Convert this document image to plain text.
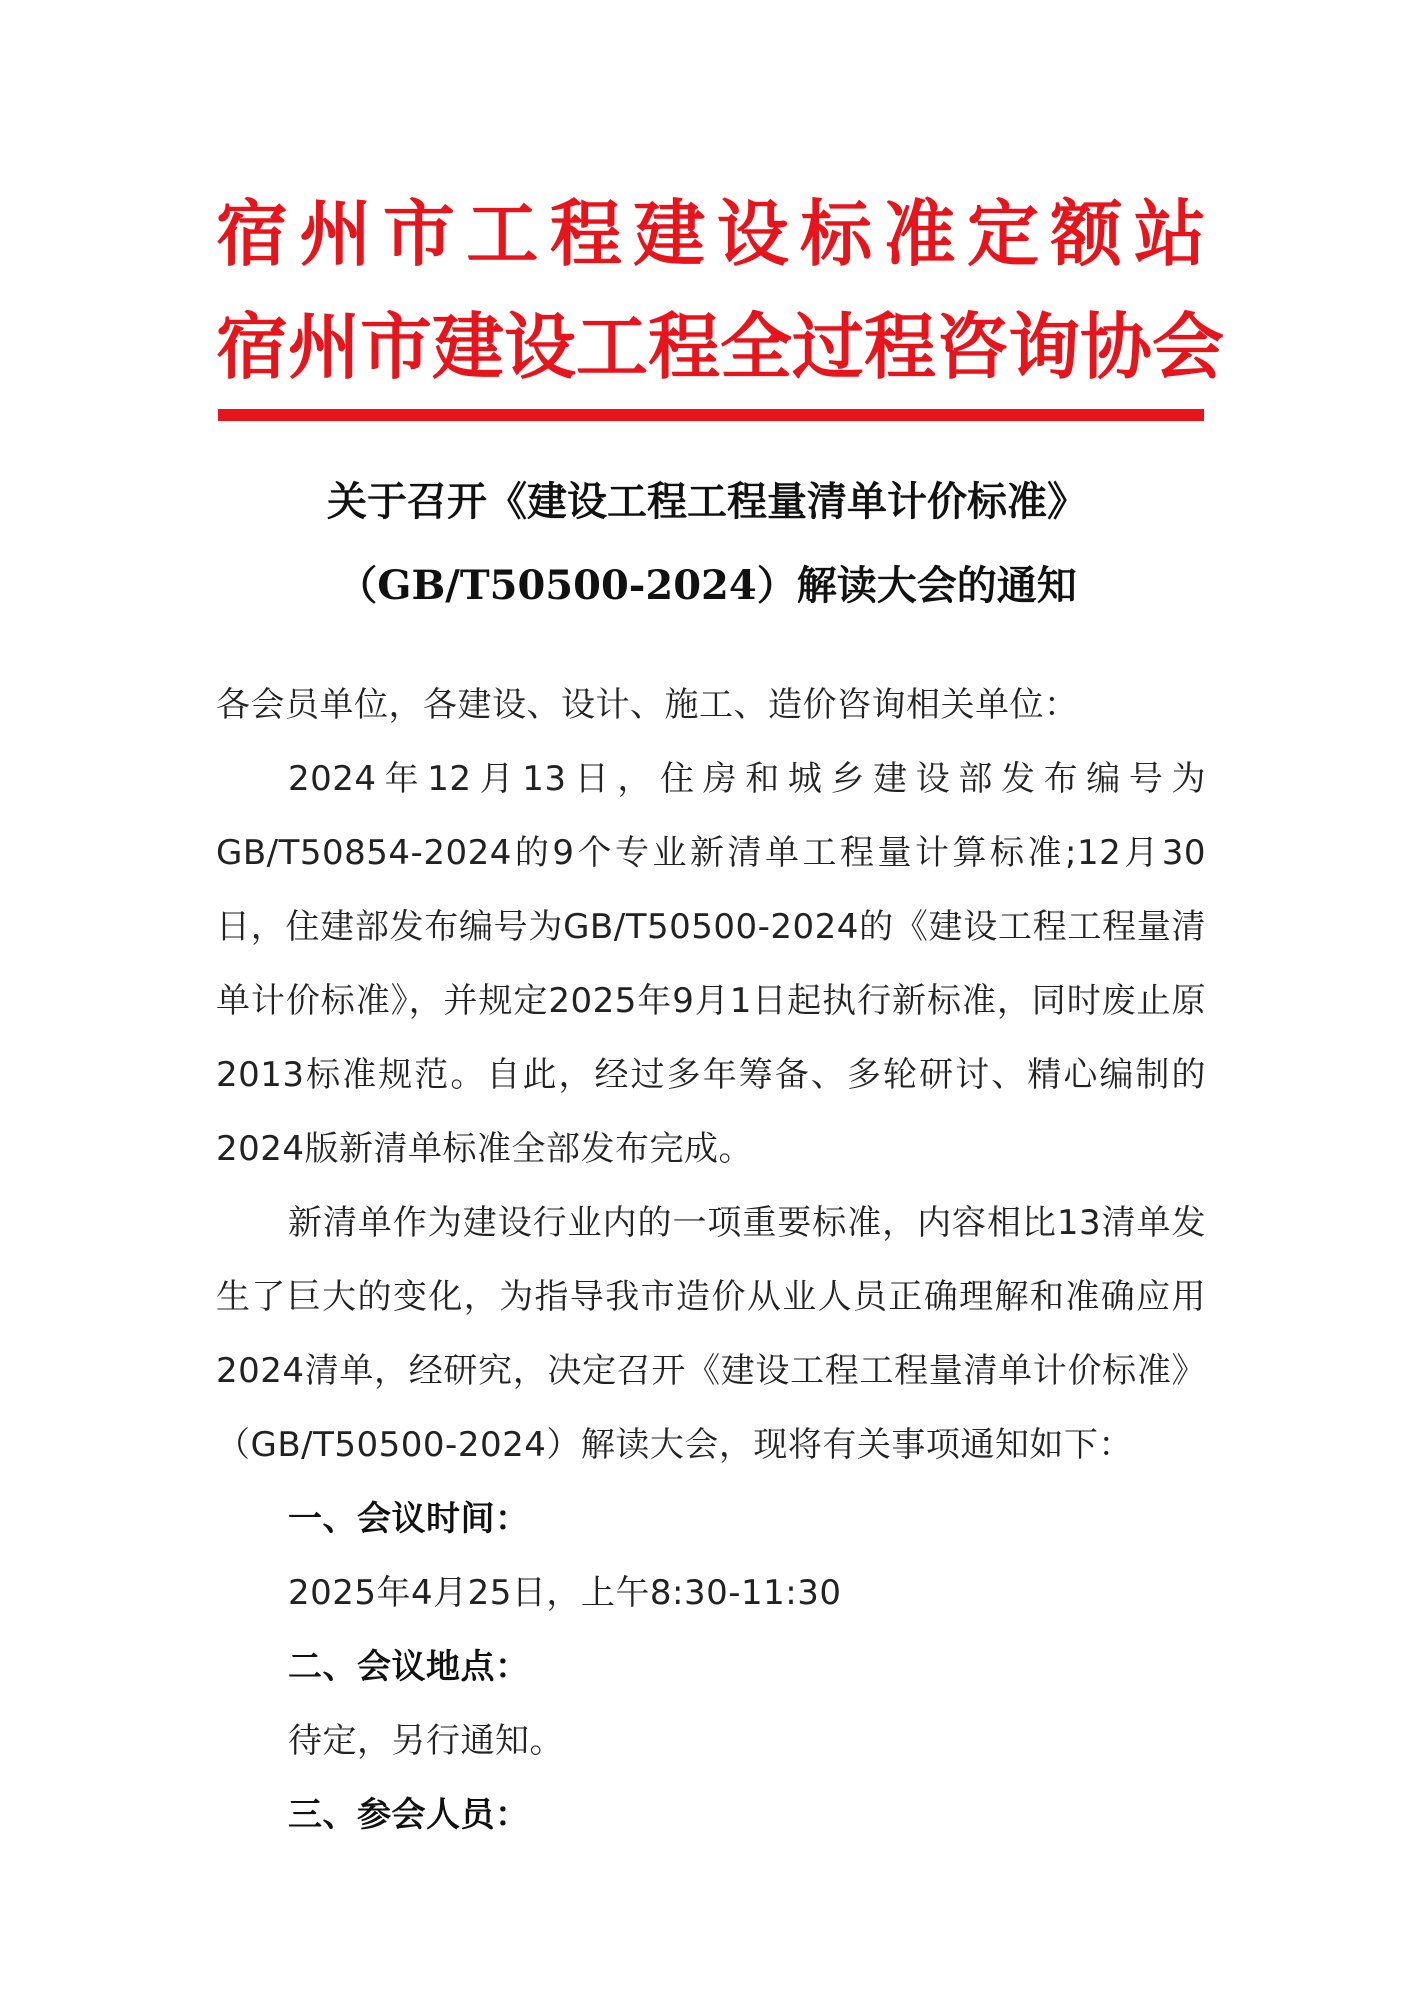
宿州市工程建设标准定额站
宿州市建设工程全过程咨询协会
关于召开《建设工程工程量清单计价标准》
（GB/T50500-2024）解读大会的通知

各会员单位，各建设、设计、施工、造价咨询相关单位：

2024年12月13日，住房和城乡建设部发布编号为GB/T50854-2024的9个专业新清单工程量计算标准;12月30日，住建部发布编号为GB/T50500-2024的《建设工程工程量清单计价标准》，并规定2025年9月1日起执行新标准，同时废止原2013标准规范。自此，经过多年筹备、多轮研讨、精心编制的2024版新清单标准全部发布完成。

新清单作为建设行业内的一项重要标准，内容相比13清单发生了巨大的变化，为指导我市造价从业人员正确理解和准确应用2024清单，经研究，决定召开《建设工程工程量清单计价标准》（GB/T50500-2024）解读大会，现将有关事项通知如下：

一、会议时间：

2025年4月25日，上午8:30-11:30

二、会议地点：

待定，另行通知。

三、参会人员：
